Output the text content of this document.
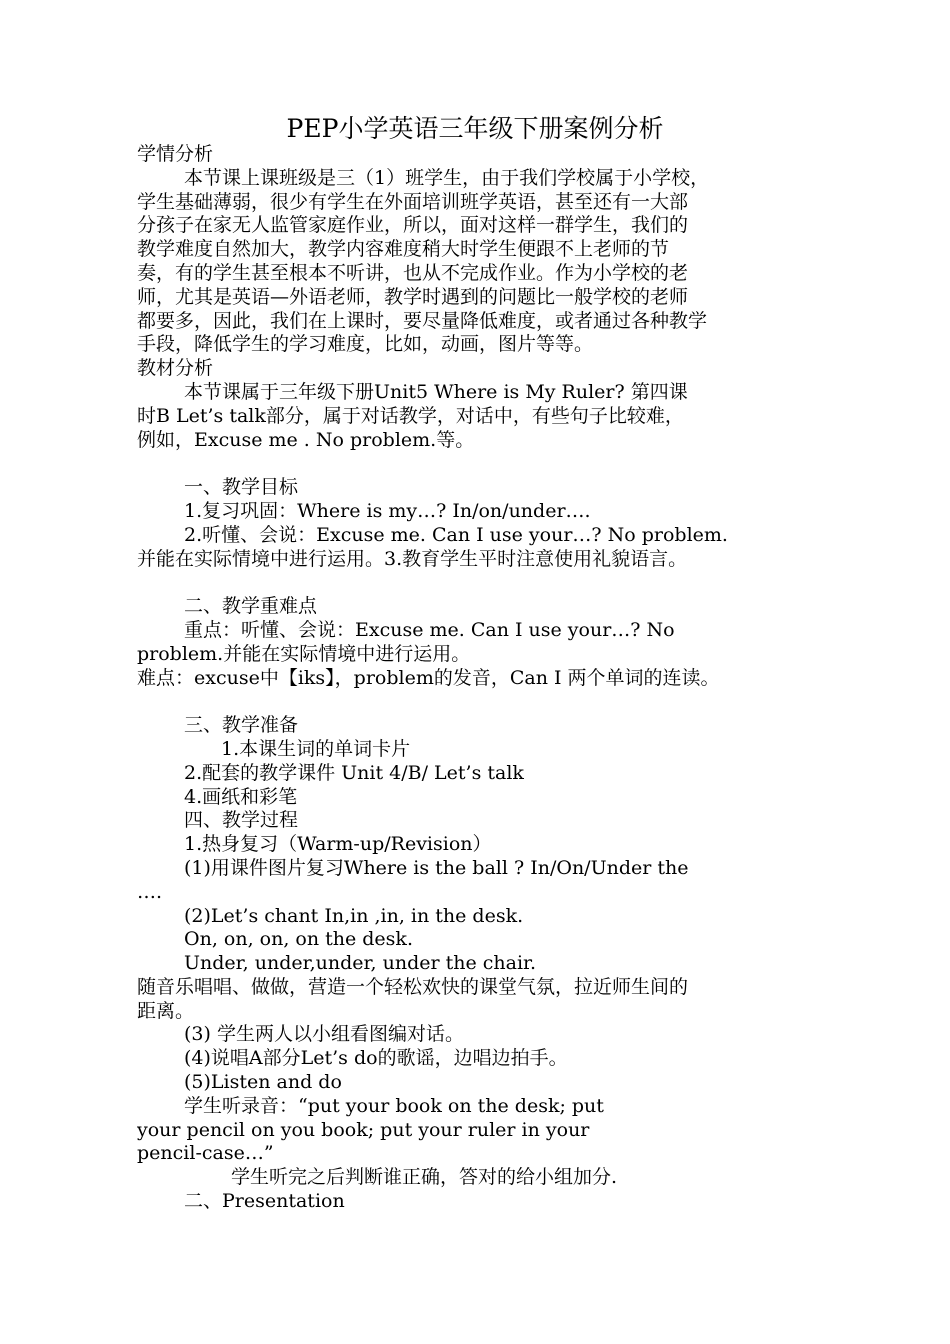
PEP小学英语三年级下册案例分析

学情分析

本节课上课班级是三（1）班学生，由于我们学校属于小学校，

学生基础薄弱，很少有学生在外面培训班学英语，甚至还有一大部

分孩子在家无人监管家庭作业，所以，面对这样一群学生，我们的

教学难度自然加大，教学内容难度稍大时学生便跟不上老师的节

奏，有的学生甚至根本不听讲，也从不完成作业。作为小学校的老

师，尤其是英语—外语老师，教学时遇到的问题比一般学校的老师

都要多，因此，我们在上课时，要尽量降低难度，或者通过各种教学

手段，降低学生的学习难度，比如，动画，图片等等。

教材分析

本节课属于三年级下册Unit5 Where is My Ruler? 第四课

时B Let’s talk部分，属于对话教学，对话中，有些句子比较难，

例如，Excuse me . No problem.等。

一、教学目标

1.复习巩固：Where is my…? In/on/under….

2.听懂、会说：Excuse me. Can I use your…? No problem.

并能在实际情境中进行运用。3.教育学生平时注意使用礼貌语言。

二、教学重难点

重点：听懂、会说：Excuse me. Can I use your…? No

problem.并能在实际情境中进行运用。

难点：excuse中【iks】，problem的发音，Can I 两个单词的连读。

三、教学准备

1.本课生词的单词卡片

2.配套的教学课件 Unit 4/B/ Let’s talk

4.画纸和彩笔

四、教学过程

1.热身复习（Warm-up/Revision）

(1)用课件图片复习Where is the ball ? In/On/Under the

….

(2)Let’s chant In,in ,in, in the desk.

On, on, on, on the desk.

Under, under,under, under the chair.

随音乐唱唱、做做，营造一个轻松欢快的课堂气氛，拉近师生间的

距离。

(3) 学生两人以小组看图编对话。

(4)说唱A部分Let’s do的歌谣，边唱边拍手。

(5)Listen and do

学生听录音：“put your book on the desk; put

your pencil on you book; put your ruler in your

pencil-case…”

学生听完之后判断谁正确，答对的给小组加分.

二、Presentation
